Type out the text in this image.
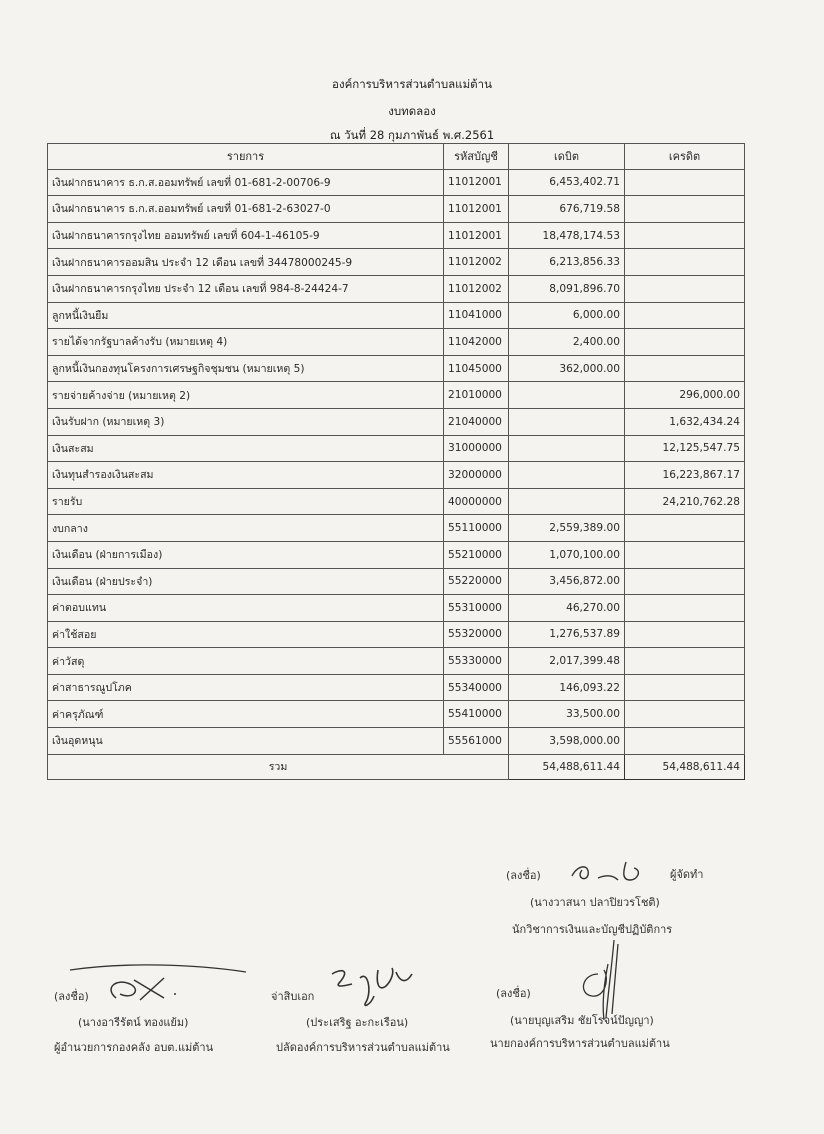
องค์การบริหารส่วนตำบลแม่ต้าน
งบทดลอง
ณ วันที่ 28 กุมภาพันธ์ พ.ศ.2561
รายการ	รหัสบัญชี	เดบิต	เครดิต
เงินฝากธนาคาร ธ.ก.ส.ออมทรัพย์ เลขที่ 01-681-2-00706-9	11012001	6,453,402.71	
เงินฝากธนาคาร ธ.ก.ส.ออมทรัพย์ เลขที่ 01-681-2-63027-0	11012001	676,719.58	
เงินฝากธนาคารกรุงไทย ออมทรัพย์ เลขที่ 604-1-46105-9	11012001	18,478,174.53	
เงินฝากธนาคารออมสิน ประจำ 12 เดือน เลขที่ 34478000245-9	11012002	6,213,856.33	
เงินฝากธนาคารกรุงไทย ประจำ 12 เดือน เลขที่ 984-8-24424-7	11012002	8,091,896.70	
ลูกหนี้เงินยืม	11041000	6,000.00	
รายได้จากรัฐบาลค้างรับ (หมายเหตุ 4)	11042000	2,400.00	
ลูกหนี้เงินกองทุนโครงการเศรษฐกิจชุมชน (หมายเหตุ 5)	11045000	362,000.00	
รายจ่ายค้างจ่าย (หมายเหตุ 2)	21010000		296,000.00
เงินรับฝาก (หมายเหตุ 3)	21040000		1,632,434.24
เงินสะสม	31000000		12,125,547.75
เงินทุนสำรองเงินสะสม	32000000		16,223,867.17
รายรับ	40000000		24,210,762.28
งบกลาง	55110000	2,559,389.00	
เงินเดือน (ฝ่ายการเมือง)	55210000	1,070,100.00	
เงินเดือน (ฝ่ายประจำ)	55220000	3,456,872.00	
ค่าตอบแทน	55310000	46,270.00	
ค่าใช้สอย	55320000	1,276,537.89	
ค่าวัสดุ	55330000	2,017,399.48	
ค่าสาธารณูปโภค	55340000	146,093.22	
ค่าครุภัณฑ์	55410000	33,500.00	
เงินอุดหนุน	55561000	3,598,000.00	
รวม		54,488,611.44	54,488,611.44
(ลงชื่อ)	ผู้จัดทำ
(นางวาสนา ปลาปิยวรโชติ)
นักวิชาการเงินและบัญชีปฏิบัติการ
(ลงชื่อ)
(นางอารีรัตน์ ทองแย้ม)
ผู้อำนวยการกองคลัง อบต.แม่ต้าน
จ่าสิบเอก
(ประเสริฐ อะกะเรือน)
ปลัดองค์การบริหารส่วนตำบลแม่ต้าน
(ลงชื่อ)
(นายบุญเสริม ชัยโรจน์ปัญญา)
นายกองค์การบริหารส่วนตำบลแม่ต้าน
